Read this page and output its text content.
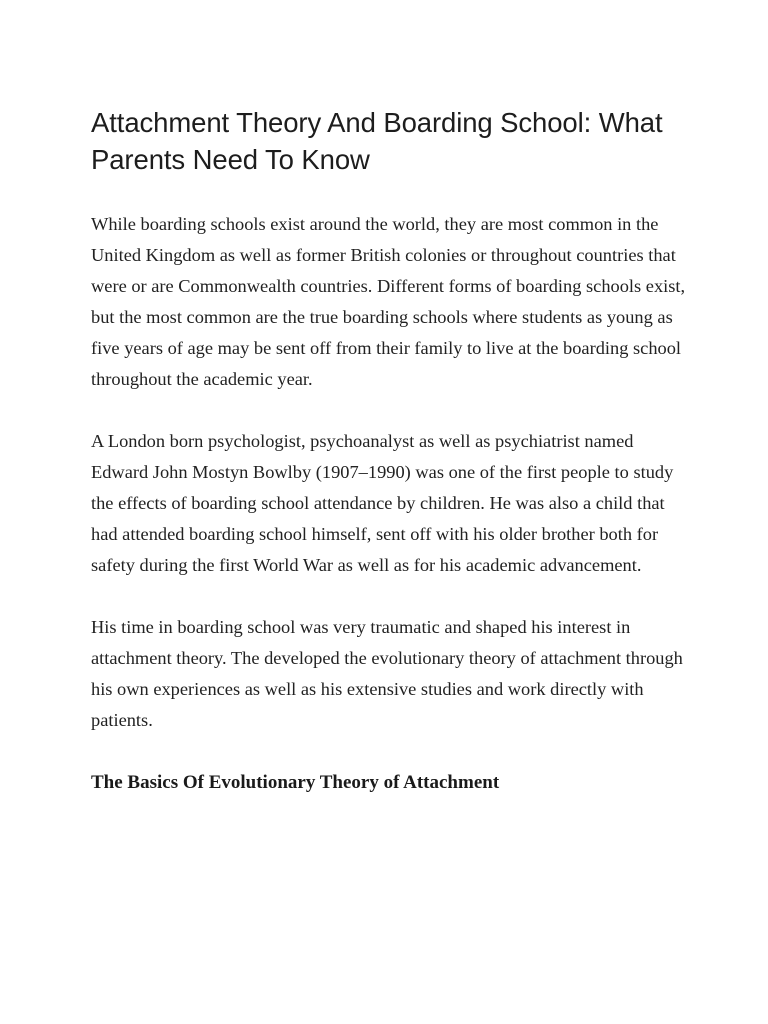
Attachment Theory And Boarding School: What Parents Need To Know

While boarding schools exist around the world, they are most common in the United Kingdom as well as former British colonies or throughout countries that were or are Commonwealth countries. Different forms of boarding schools exist, but the most common are the true boarding schools where students as young as five years of age may be sent off from their family to live at the boarding school throughout the academic year.

A London born psychologist, psychoanalyst as well as psychiatrist named Edward John Mostyn Bowlby (1907–1990) was one of the first people to study the effects of boarding school attendance by children. He was also a child that had attended boarding school himself, sent off with his older brother both for safety during the first World War as well as for his academic advancement.

His time in boarding school was very traumatic and shaped his interest in attachment theory. The developed the evolutionary theory of attachment through his own experiences as well as his extensive studies and work directly with patients.

The Basics Of Evolutionary Theory of Attachment
